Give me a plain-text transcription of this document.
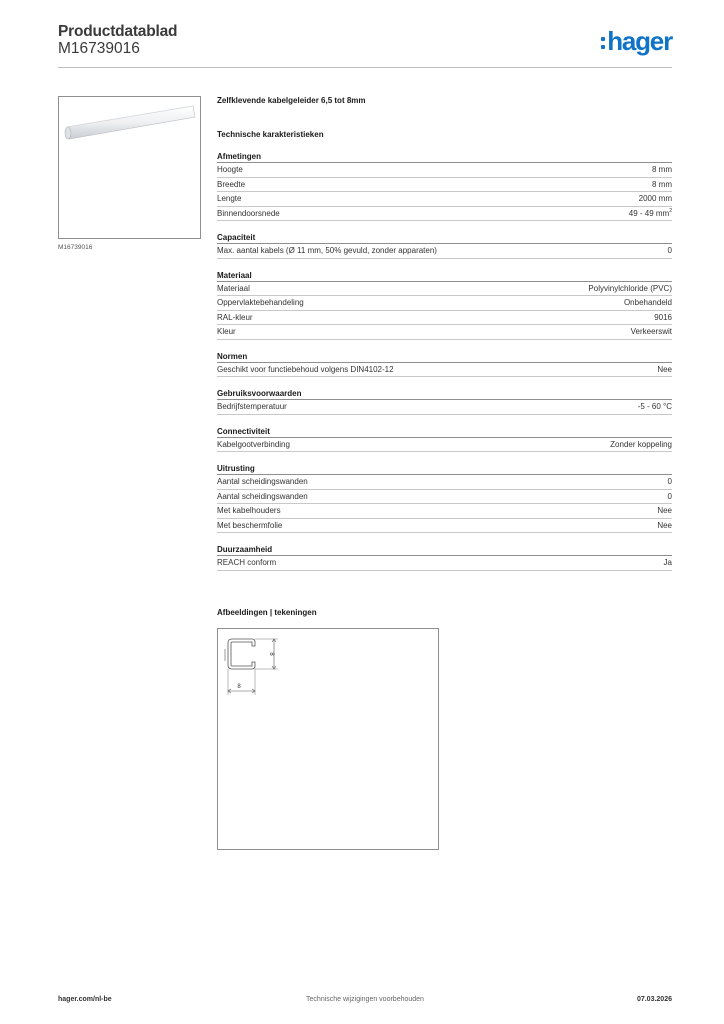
Productdatablad
M16739016	hager
M16739016
Zelfklevende kabelgeleider 6,5 tot 8mm
Technische karakteristieken
Afmetingen
Hoogte	8 mm
Breedte	8 mm
Lengte	2000 mm
Binnendoorsnede	49 - 49 $mm^2$
Capaciteit
Max. aantal kabels (Ø 11 mm, 50% gevuld, zonder apparaten)	0
Materiaal
Materiaal	Polyvinylchloride (PVC)
Oppervlaktebehandeling	Onbehandeld
RAL-kleur	9016
Kleur	Verkeerswit
Normen
Geschikt voor functiebehoud volgens DIN4102-12	Nee
Gebruiksvoorwaarden
Bedrijfstemperatuur	-5 - 60 °C
Connectiviteit
Kabelgootverbinding	Zonder koppeling
Uitrusting
Aantal scheidingswanden	0
Aantal scheidingswanden	0
Met kabelhouders	Nee
Met beschermfolie	Nee
Duurzaamheid
REACH conform	Ja
Afbeeldingen | tekeningen
8
8
Technische wijzigingen voorbehouden
hager.com/nl-be	07.03.2026
